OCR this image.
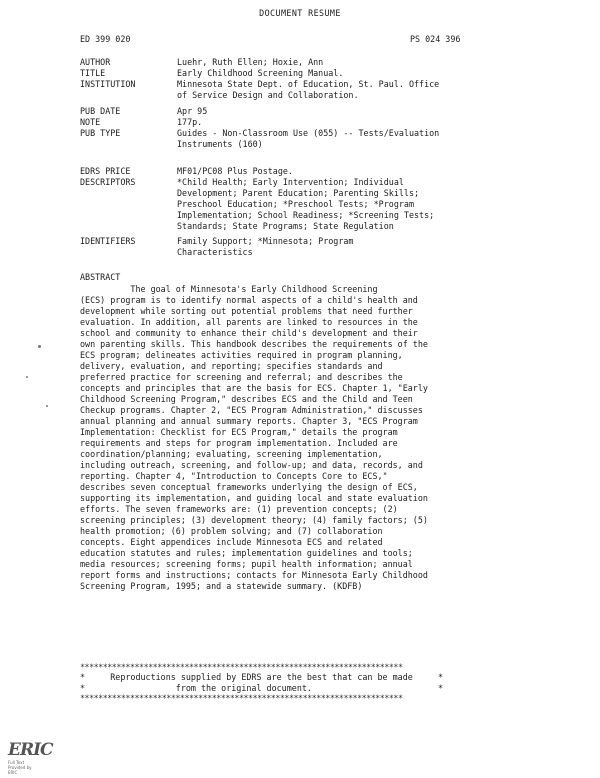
DOCUMENT RESUME
ED 399 020	PS 024 396
AUTHOR	Luehr, Ruth Ellen; Hoxie, Ann
TITLE	Early Childhood Screening Manual.
INSTITUTION	Minnesota State Dept. of Education, St. Paul. Office
of Service Design and Collaboration.
PUB DATE	Apr 95
NOTE	177p.
PUB TYPE	Guides - Non-Classroom Use (055) -- Tests/Evaluation
Instruments (160)
EDRS PRICE	MF01/PC08 Plus Postage.
DESCRIPTORS	*Child Health; Early Intervention; Individual
Development; Parent Education; Parenting Skills;
Preschool Education; *Preschool Tests; *Program
Implementation; School Readiness; *Screening Tests;
Standards; State Programs; State Regulation
IDENTIFIERS	Family Support; *Minnesota; Program
Characteristics
ABSTRACT
The goal of Minnesota's Early Childhood Screening
(ECS) program is to identify normal aspects of a child's health and
development while sorting out potential problems that need further
evaluation. In addition, all parents are linked to resources in the
school and community to enhance their child's development and their
own parenting skills. This handbook describes the requirements of the
ECS program; delineates activities required in program planning,
delivery, evaluation, and reporting; specifies standards and
preferred practice for screening and referral; and describes the
concepts and principles that are the basis for ECS. Chapter 1, "Early
Childhood Screening Program," describes ECS and the Child and Teen
Checkup programs. Chapter 2, "ECS Program Administration," discusses
annual planning and annual summary reports. Chapter 3, "ECS Program
Implementation: Checklist for ECS Program," details the program
requirements and steps for program implementation. Included are
coordination/planning; evaluating, screening implementation,
including outreach, screening, and follow-up; and data, records, and
reporting. Chapter 4, "Introduction to Concepts Core to ECS,"
describes seven conceptual frameworks underlying the design of ECS,
supporting its implementation, and guiding local and state evaluation
efforts. The seven frameworks are: (1) prevention concepts; (2)
screening principles; (3) development theory; (4) family factors; (5)
health promotion; (6) problem solving; and (7) collaboration
concepts. Eight appendices include Minnesota ECS and related
education statutes and rules; implementation guidelines and tools;
media resources; screening forms; pupil health information; annual
report forms and instructions; contacts for Minnesota Early Childhood
Screening Program, 1995; and a statewide summary. (KDFB)
***********************************************************************
*     Reproductions supplied by EDRS are the best that can be made     *
*                  from the original document.                         *
***********************************************************************
ERIC
Full Text Provided by ERIC
